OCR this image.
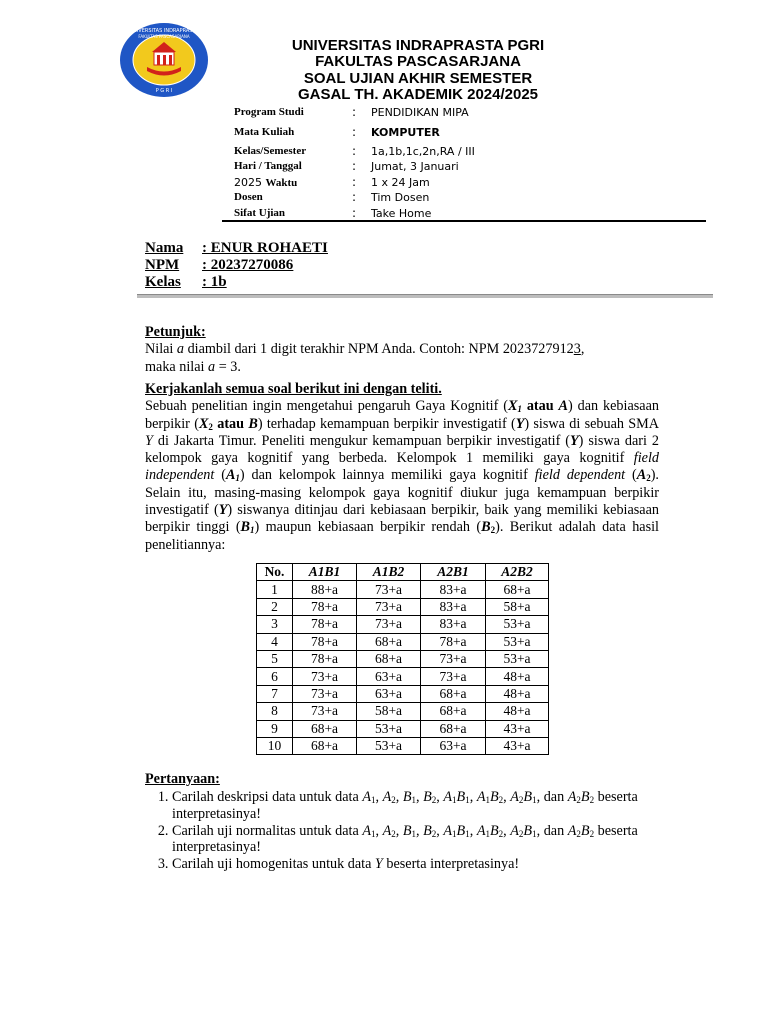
UNIVERSITAS INDRAPRASTA
FAKULTAS PASCASARJANA
P G R I
UNIVERSITAS INDRAPRASTA PGRI
FAKULTAS PASCASARJANA
SOAL UJIAN AKHIR SEMESTER
GASAL TH. AKADEMIK 2024/2025
Program Studi	: PENDIDIKAN MIPA
Mata Kuliah	: KOMPUTER
Kelas/Semester	: 1a,1b,1c,2n,RA / III
Hari / Tanggal	: Jumat, 3 Januari
2025 Waktu	: 1 x 24 Jam
Dosen	: Tim Dosen
Sifat Ujian	: Take Home
Nama : ENUR ROHAETI
NPM : 20237270086
Kelas : 1b
Petunjuk:
Nilai a diambil dari 1 digit terakhir NPM Anda. Contoh: NPM 20237279123,
maka nilai a = 3.
Kerjakanlah semua soal berikut ini dengan teliti.
Sebuah penelitian ingin mengetahui pengaruh Gaya Kognitif ($X_1$ atau A) dan kebiasaan berpikir ($X_2$ atau B) terhadap kemampuan berpikir investigatif (Y) siswa di sebuah SMA Y di Jakarta Timur. Peneliti mengukur kemampuan berpikir investigatif (Y) siswa dari 2 kelompok gaya kognitif yang berbeda. Kelompok 1 memiliki gaya kognitif field independent $(A_1)$ dan kelompok lainnya memiliki gaya kognitif field dependent $(A_2)$. Selain itu, masing-masing kelompok gaya kognitif diukur juga kemampuan berpikir investigatif (Y) siswanya ditinjau dari kebiasaan berpikir, baik yang memiliki kebiasaan berpikir tinggi $(B_1)$ maupun kebiasaan berpikir rendah $(B_2)$. Berikut adalah data hasil penelitiannya:
No.	A1B1	A1B2	A2B1	A2B2
1	88+a	73+a	83+a	68+a
2	78+a	73+a	83+a	58+a
3	78+a	73+a	83+a	53+a
4	78+a	68+a	78+a	53+a
5	78+a	68+a	73+a	53+a
6	73+a	63+a	73+a	48+a
7	73+a	63+a	68+a	48+a
8	73+a	58+a	68+a	48+a
9	68+a	53+a	68+a	43+a
10	68+a	53+a	63+a	43+a
Pertanyaan:
1. Carilah deskripsi data untuk data $A_1$, $A_2$, $B_1$, $B_2$, $A_1B_1$, $A_1B_2$, $A_2B_1$, dan $A_2B_2$ beserta interpretasinya!
2. Carilah uji normalitas untuk data $A_1$, $A_2$, $B_1$, $B_2$, $A_1B_1$, $A_1B_2$, $A_2B_1$, dan $A_2B_2$ beserta interpretasinya!
3. Carilah uji homogenitas untuk data Y beserta interpretasinya!
